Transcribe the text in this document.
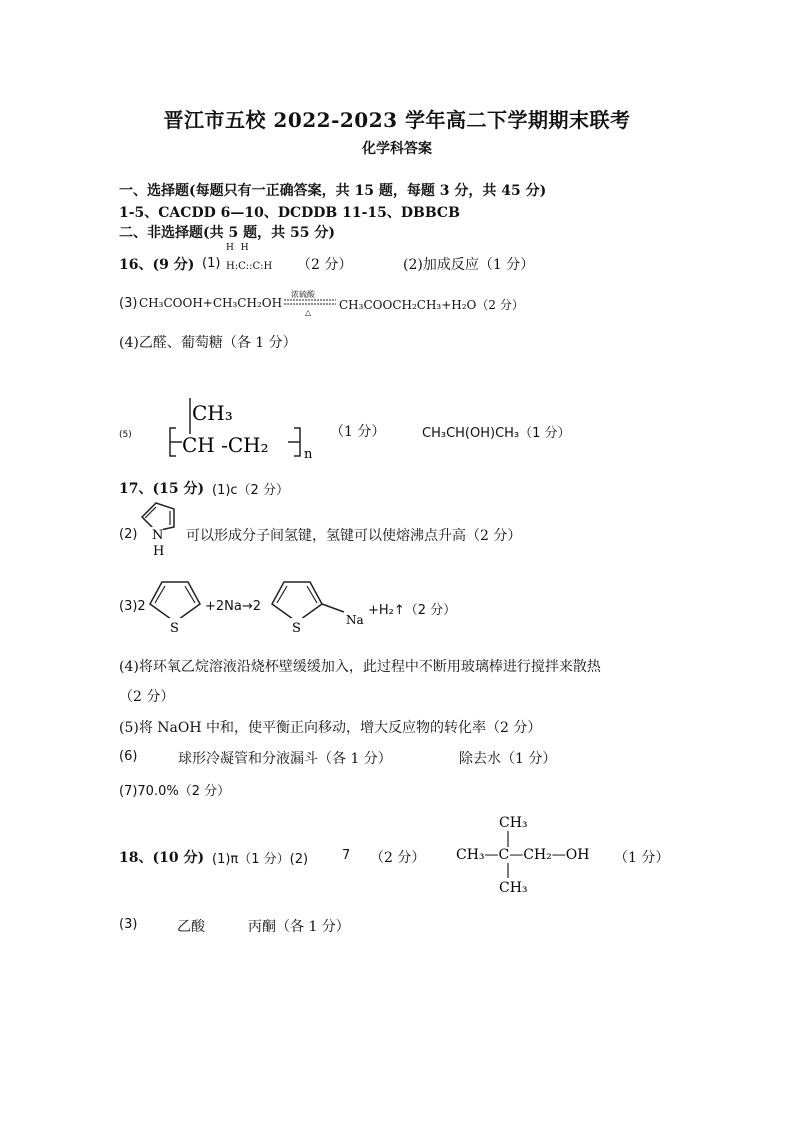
晋江市五校 2022-2023 学年高二下学期期末联考
化学科答案
一、选择题(每题只有一正确答案，共 15 题，每题 3 分，共 45 分)
1-5、CACDD 6—10、DCDDB 11-15、DBBCB
二、非选择题(共 5 题，共 55 分)
16、(9 分) (1)
H H
H:C::C:H （2 分）	(2)加成反应（1 分）
(3) CH₃COOH+CH₃CH₂OH
浓硫酸
△
CH₃COOCH₂CH₃+H₂O（2 分）
(4)乙醛、葡萄糖（各 1 分）
(5)
CH₃
CH -CH₂	n
（1 分）	CH₃CH(OH)CH₃（1 分）
17、(15 分) (1)c（2 分）
(2) N
H
可以形成分子间氢键，氢键可以使熔沸点升高（2 分）
(3)2
S
+2Na→2
S
Na
+H₂↑（2 分）
(4)将环氧乙烷溶液沿烧杯壁缓缓加入，此过程中不断用玻璃棒进行搅拌来散热
（2 分）
(5)将 NaOH 中和，使平衡正向移动，增大反应物的转化率（2 分）
(6)	球形冷凝管和分液漏斗（各 1 分）	除去水（1 分）
(7)70.0%（2 分）
18、(10 分) (1)π（1 分）(2)	7 （2 分）
CH₃
CH₃—C—CH₂—OH
CH₃
（1 分）
(3)	乙酸	丙酮（各 1 分）
